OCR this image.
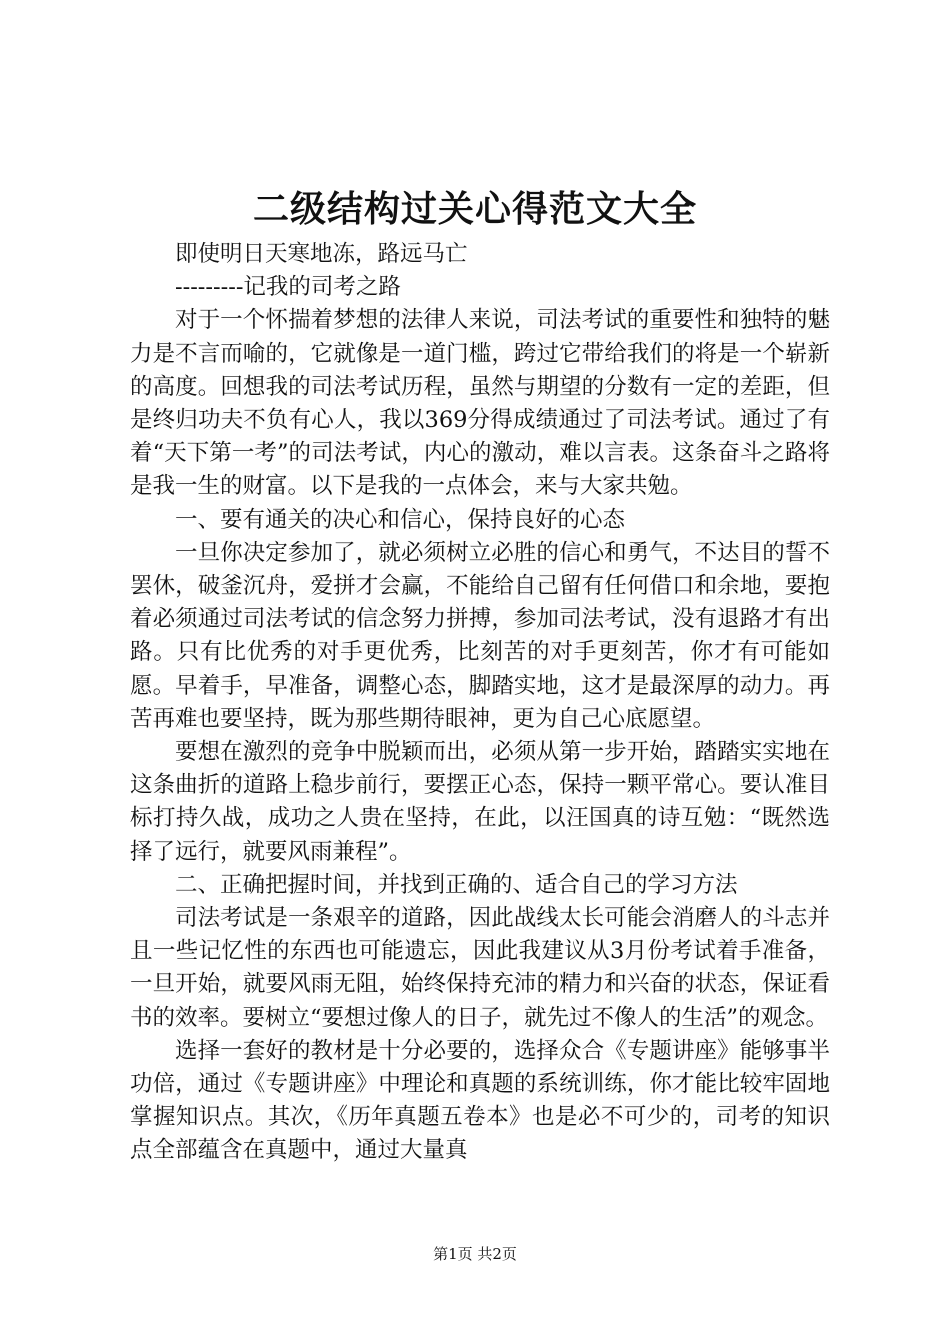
二级结构过关心得范文大全

即使明日天寒地冻，路远马亡

---------记我的司考之路

对于一个怀揣着梦想的法律人来说，司法考试的重要性和独特的魅力是不言而喻的，它就像是一道门槛，跨过它带给我们的将是一个崭新的高度。回想我的司法考试历程，虽然与期望的分数有一定的差距，但是终归功夫不负有心人，我以369分得成绩通过了司法考试。通过了有着“天下第一考”的司法考试，内心的激动，难以言表。这条奋斗之路将是我一生的财富。以下是我的一点体会，来与大家共勉。

一、要有通关的决心和信心，保持良好的心态

一旦你决定参加了，就必须树立必胜的信心和勇气，不达目的誓不罢休，破釜沉舟，爱拼才会赢，不能给自己留有任何借口和余地，要抱着必须通过司法考试的信念努力拼搏，参加司法考试，没有退路才有出路。只有比优秀的对手更优秀，比刻苦的对手更刻苦，你才有可能如愿。早着手，早准备，调整心态，脚踏实地，这才是最深厚的动力。再苦再难也要坚持，既为那些期待眼神，更为自己心底愿望。

要想在激烈的竞争中脱颖而出，必须从第一步开始，踏踏实实地在这条曲折的道路上稳步前行，要摆正心态，保持一颗平常心。要认准目标打持久战，成功之人贵在坚持，在此，以汪国真的诗互勉：“既然选择了远行，就要风雨兼程”。

二、正确把握时间，并找到正确的、适合自己的学习方法

司法考试是一条艰辛的道路，因此战线太长可能会消磨人的斗志并且一些记忆性的东西也可能遗忘，因此我建议从3月份考试着手准备，一旦开始，就要风雨无阻，始终保持充沛的精力和兴奋的状态，保证看书的效率。要树立“要想过像人的日子，就先过不像人的生活”的观念。

选择一套好的教材是十分必要的，选择众合《专题讲座》能够事半功倍，通过《专题讲座》中理论和真题的系统训练，你才能比较牢固地掌握知识点。其次，《历年真题五卷本》也是必不可少的，司考的知识点全部蕴含在真题中，通过大量真

第1页 共2页
